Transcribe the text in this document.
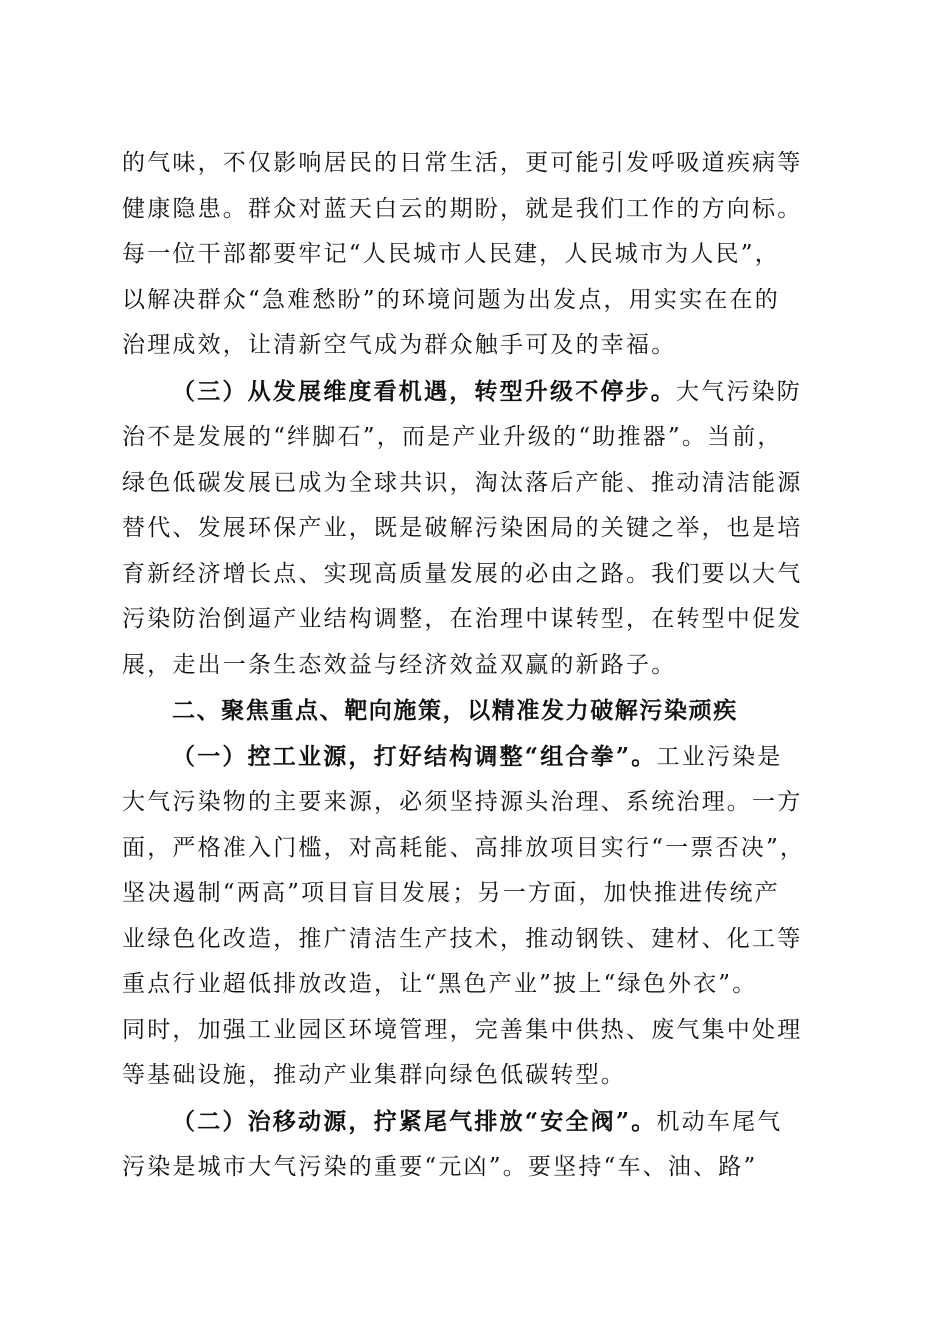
的气味，不仅影响居民的日常生活，更可能引发呼吸道疾病等
健康隐患。群众对蓝天白云的期盼，就是我们工作的方向标。
每一位干部都要牢记“人民城市人民建，人民城市为人民”，
以解决群众“急难愁盼”的环境问题为出发点，用实实在在的
治理成效，让清新空气成为群众触手可及的幸福。

（三）从发展维度看机遇，转型升级不停步。大气污染防
治不是发展的“绊脚石”，而是产业升级的“助推器”。当前，
绿色低碳发展已成为全球共识，淘汰落后产能、推动清洁能源
替代、发展环保产业，既是破解污染困局的关键之举，也是培
育新经济增长点、实现高质量发展的必由之路。我们要以大气
污染防治倒逼产业结构调整，在治理中谋转型，在转型中促发
展，走出一条生态效益与经济效益双赢的新路子。

二、聚焦重点、靶向施策，以精准发力破解污染顽疾

（一）控工业源，打好结构调整“组合拳”。工业污染是
大气污染物的主要来源，必须坚持源头治理、系统治理。一方
面，严格准入门槛，对高耗能、高排放项目实行“一票否决”，
坚决遏制“两高”项目盲目发展；另一方面，加快推进传统产
业绿色化改造，推广清洁生产技术，推动钢铁、建材、化工等
重点行业超低排放改造，让“黑色产业”披上“绿色外衣”。
同时，加强工业园区环境管理，完善集中供热、废气集中处理
等基础设施，推动产业集群向绿色低碳转型。

（二）治移动源，拧紧尾气排放“安全阀”。机动车尾气
污染是城市大气污染的重要“元凶”。要坚持“车、油、路”
